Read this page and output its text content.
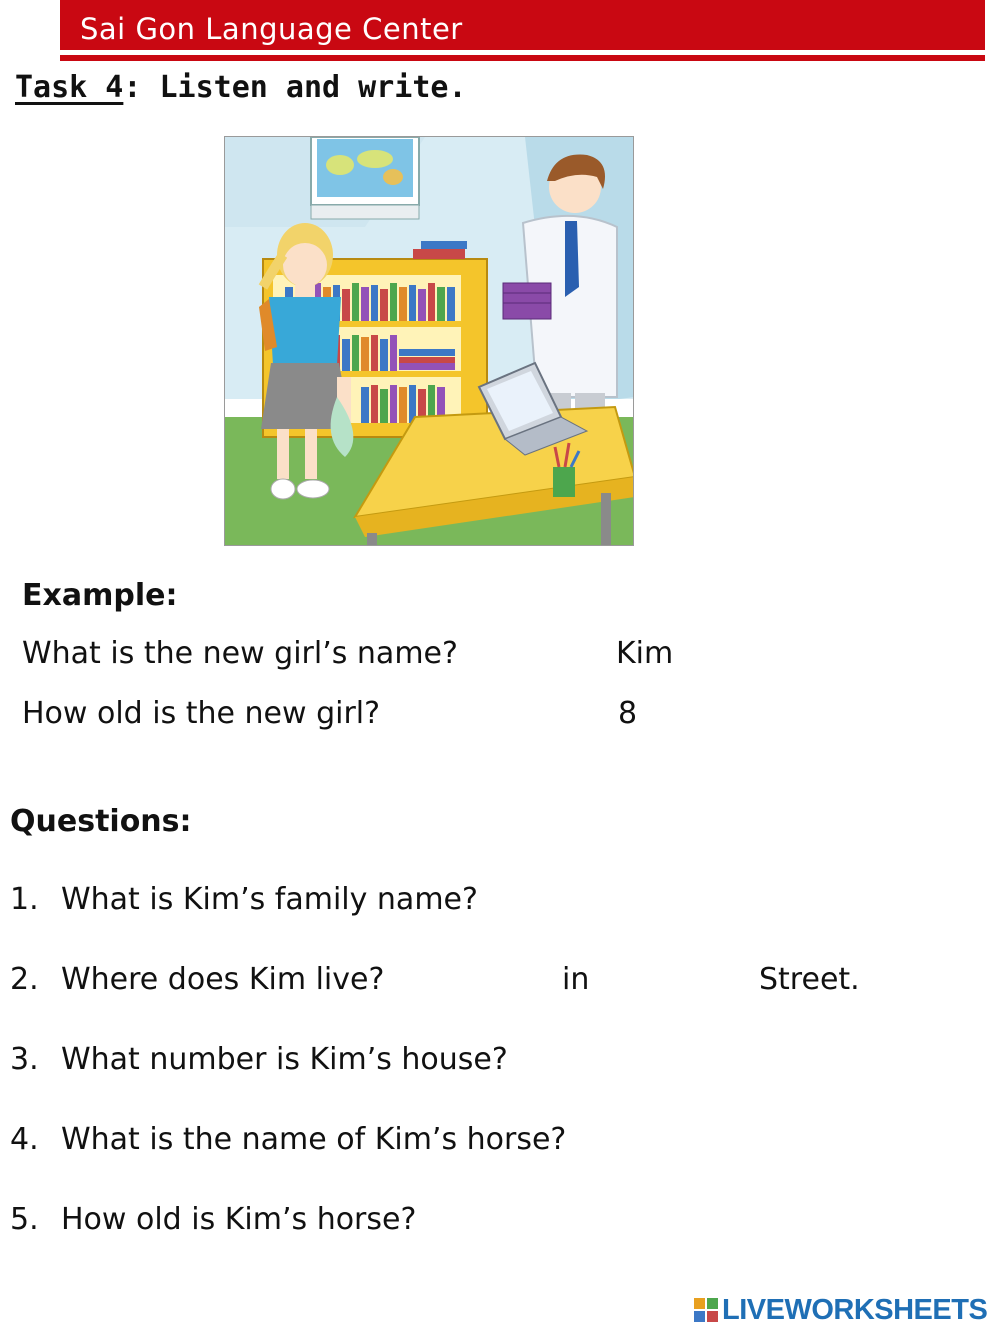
Sai Gon Language Center
Task 4: Listen and write.
Example:
What is the new girl’s name?	Kim
How old is the new girl?	8
Questions:
1. What is Kim’s family name?
2. Where does Kim live?	in	Street.
3. What number is Kim’s house?
4. What is the name of Kim’s horse?
5. How old is Kim’s horse?
LIVEWORKSHEETS
